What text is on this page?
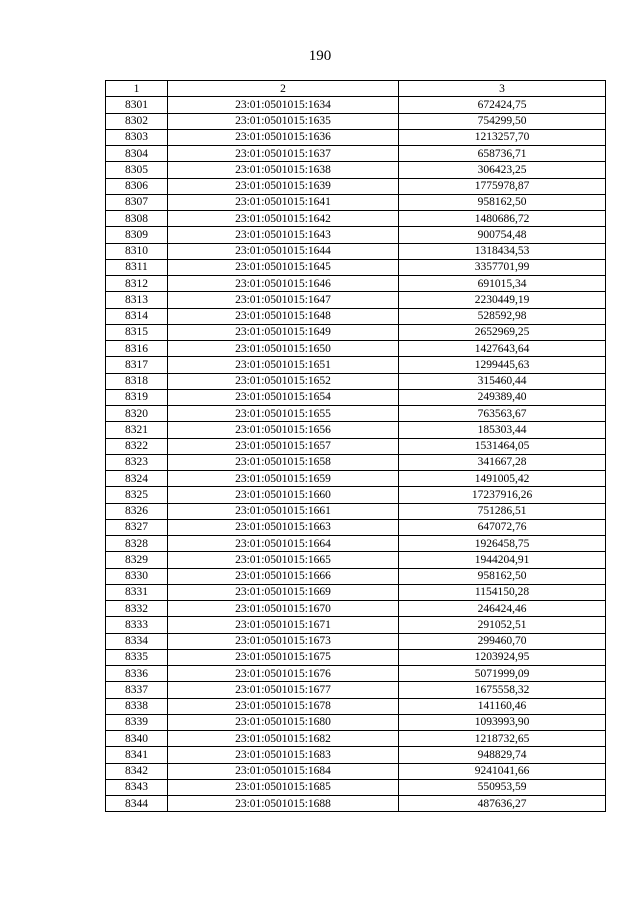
190
1	2	3
8301	23:01:0501015:1634	672424,75
8302	23:01:0501015:1635	754299,50
8303	23:01:0501015:1636	1213257,70
8304	23:01:0501015:1637	658736,71
8305	23:01:0501015:1638	306423,25
8306	23:01:0501015:1639	1775978,87
8307	23:01:0501015:1641	958162,50
8308	23:01:0501015:1642	1480686,72
8309	23:01:0501015:1643	900754,48
8310	23:01:0501015:1644	1318434,53
8311	23:01:0501015:1645	3357701,99
8312	23:01:0501015:1646	691015,34
8313	23:01:0501015:1647	2230449,19
8314	23:01:0501015:1648	528592,98
8315	23:01:0501015:1649	2652969,25
8316	23:01:0501015:1650	1427643,64
8317	23:01:0501015:1651	1299445,63
8318	23:01:0501015:1652	315460,44
8319	23:01:0501015:1654	249389,40
8320	23:01:0501015:1655	763563,67
8321	23:01:0501015:1656	185303,44
8322	23:01:0501015:1657	1531464,05
8323	23:01:0501015:1658	341667,28
8324	23:01:0501015:1659	1491005,42
8325	23:01:0501015:1660	17237916,26
8326	23:01:0501015:1661	751286,51
8327	23:01:0501015:1663	647072,76
8328	23:01:0501015:1664	1926458,75
8329	23:01:0501015:1665	1944204,91
8330	23:01:0501015:1666	958162,50
8331	23:01:0501015:1669	1154150,28
8332	23:01:0501015:1670	246424,46
8333	23:01:0501015:1671	291052,51
8334	23:01:0501015:1673	299460,70
8335	23:01:0501015:1675	1203924,95
8336	23:01:0501015:1676	5071999,09
8337	23:01:0501015:1677	1675558,32
8338	23:01:0501015:1678	141160,46
8339	23:01:0501015:1680	1093993,90
8340	23:01:0501015:1682	1218732,65
8341	23:01:0501015:1683	948829,74
8342	23:01:0501015:1684	9241041,66
8343	23:01:0501015:1685	550953,59
8344	23:01:0501015:1688	487636,27
